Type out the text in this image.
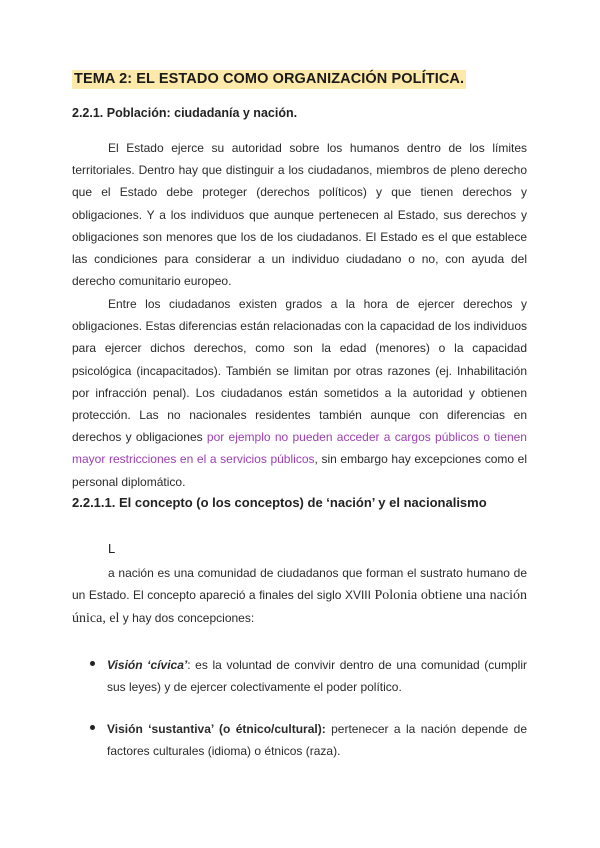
TEMA 2: EL ESTADO COMO ORGANIZACIÓN POLÍTICA.
2.2.1. Población: ciudadanía y nación.

El Estado ejerce su autoridad sobre los humanos dentro de los límites territoriales. Dentro hay que distinguir a los ciudadanos, miembros de pleno derecho que el Estado debe proteger (derechos políticos) y que tienen derechos y obligaciones. Y a los individuos que aunque pertenecen al Estado, sus derechos y obligaciones son menores que los de los ciudadanos. El Estado es el que establece las condiciones para considerar a un individuo ciudadano o no, con ayuda del derecho comunitario europeo.

Entre los ciudadanos existen grados a la hora de ejercer derechos y obligaciones. Estas diferencias están relacionadas con la capacidad de los individuos para ejercer dichos derechos, como son la edad (menores) o la capacidad psicológica (incapacitados). También se limitan por otras razones (ej. Inhabilitación por infracción penal). Los ciudadanos están sometidos a la autoridad y obtienen protección. Las no nacionales residentes también aunque con diferencias en derechos y obligaciones por ejemplo no pueden acceder a cargos públicos o tienen mayor restricciones en el a servicios públicos, sin embargo hay excepciones como el personal diplomático.

2.2.1.1. El concepto (o los conceptos) de ‘nación’ y el nacionalismo
L

a nación es una comunidad de ciudadanos que forman el sustrato humano de un Estado. El concepto apareció a finales del siglo XVIII Polonia obtiene una nación única, el y hay dos concepciones:

Visión ‘cívica’: es la voluntad de convivir dentro de una comunidad (cumplir sus leyes) y de ejercer colectivamente el poder político.
Visión ‘sustantiva’ (o étnico/cultural): pertenecer a la nación depende de factores culturales (idioma) o étnicos (raza).
